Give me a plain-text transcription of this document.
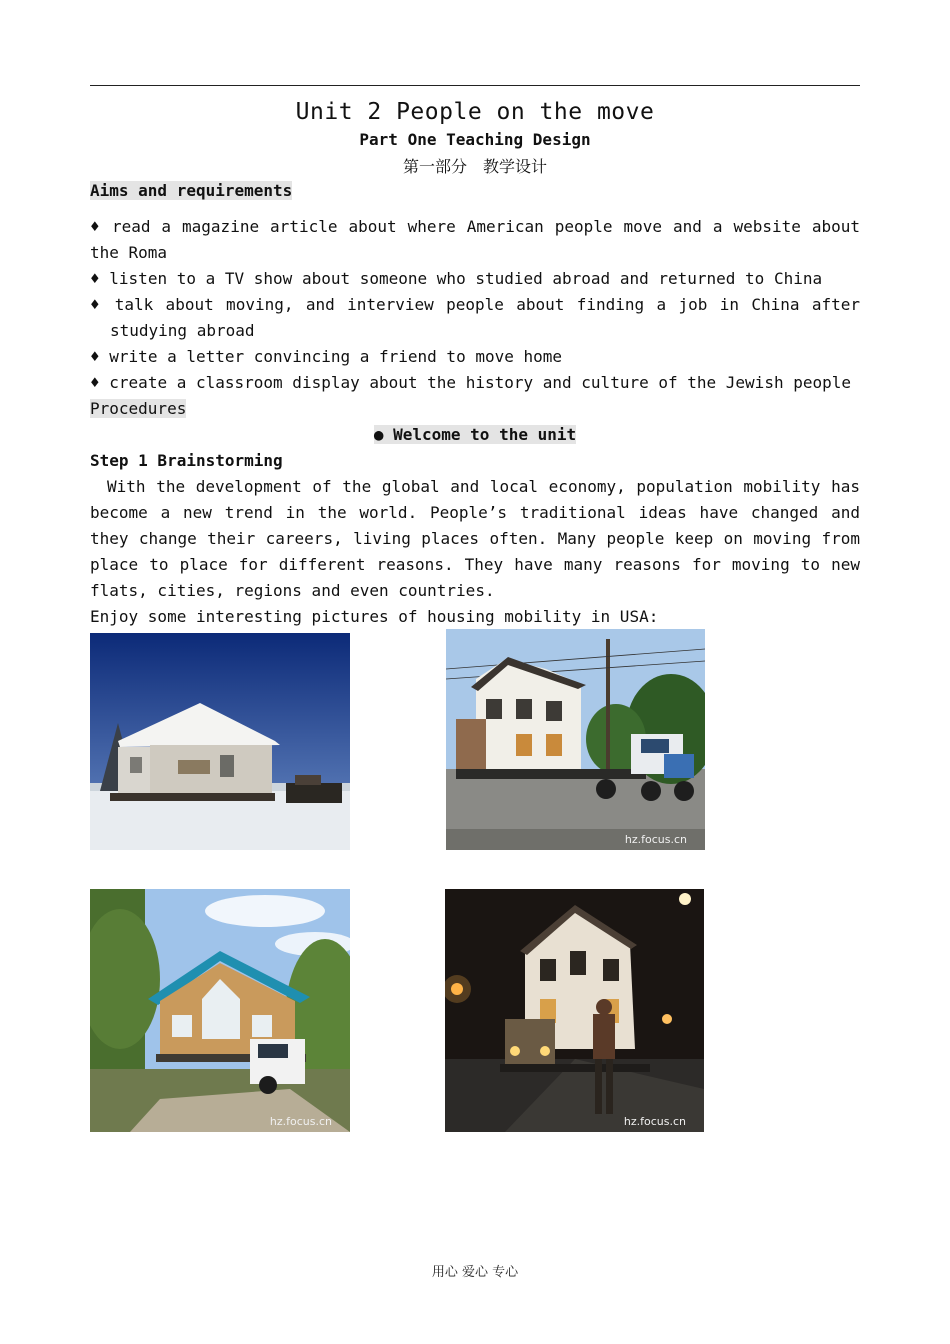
Unit 2 People on the move
Part One Teaching Design
第一部分　教学设计
Aims and requirements
♦ read a magazine article about where American people move and a website about
the Roma
♦ listen to a TV show about someone who studied abroad and returned to China
♦ talk about moving, and interview people about finding a job in China after
studying abroad
♦ write a letter convincing a friend to move home
♦ create a classroom display about the history and culture of the Jewish people
Procedures
● Welcome to the unit
Step 1 Brainstorming
　With the development of the global and local economy, population mobility has
become a new trend in the world. People’s traditional ideas have changed and
they change their careers, living places often. Many people keep on moving from
place to place for different reasons. They have many reasons for moving to new
flats, cities, regions and even countries.
Enjoy some interesting pictures of housing mobility in USA:
hz.focus.cn
hz.focus.cn	hz.focus.cn
用心 爱心 专心
